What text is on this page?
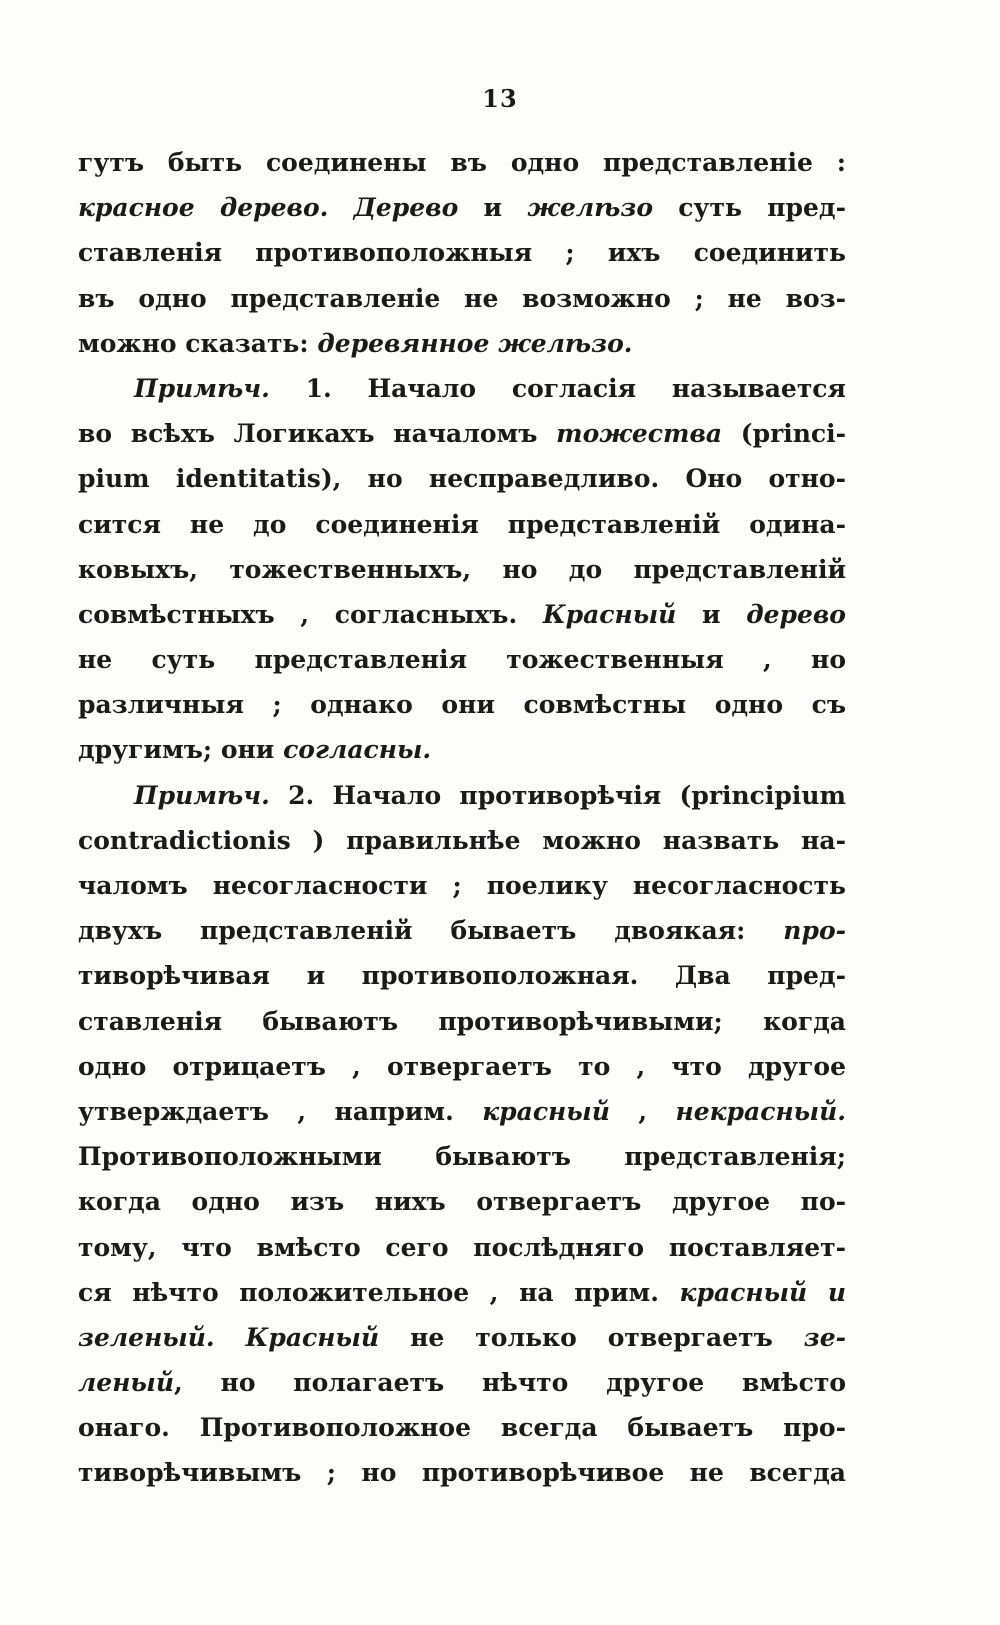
13
гутъ быть соединены въ одно представленіе :
красное дерево. Дерево и желѣзо суть пред-
ставленія противоположныя ; ихъ соединить
въ одно представленіе не возможно ; не воз-
можно сказать: деревянное желѣзо.
Примѣч. 1. Начало согласія называется
во всѣхъ Логикахъ началомъ тожества (princi-
pium identitatis), но несправедливо. Оно отно-
сится не до соединенія представленій одина-
ковыхъ, тожественныхъ, но до представленій
совмѣстныхъ , согласныхъ. Красный и дерево
не суть представленія тожественныя , но
различныя ; однако они совмѣстны одно съ
другимъ; они согласны.
Примѣч. 2. Начало противорѣчія (principium
contradictionis ) правильнѣе можно назвать на-
чаломъ несогласности ; поелику несогласность
двухъ представленій бываетъ двоякая: про-
тиворѣчивая и противоположная. Два пред-
ставленія бываютъ противорѣчивыми; когда
одно отрицаетъ , отвергаетъ то , что другое
утверждаетъ , наприм. красный , некрасный.
Противоположными бываютъ представленія;
когда одно изъ нихъ отвергаетъ другое по-
тому, что вмѣсто сего послѣдняго поставляет-
ся нѣчто положительное , на прим. красный и
зеленый. Красный не только отвергаетъ зе-
леный, но полагаетъ нѣчто другое вмѣсто
онаго. Противоположное всегда бываетъ про-
тиворѣчивымъ ; но противорѣчивое не всегда
